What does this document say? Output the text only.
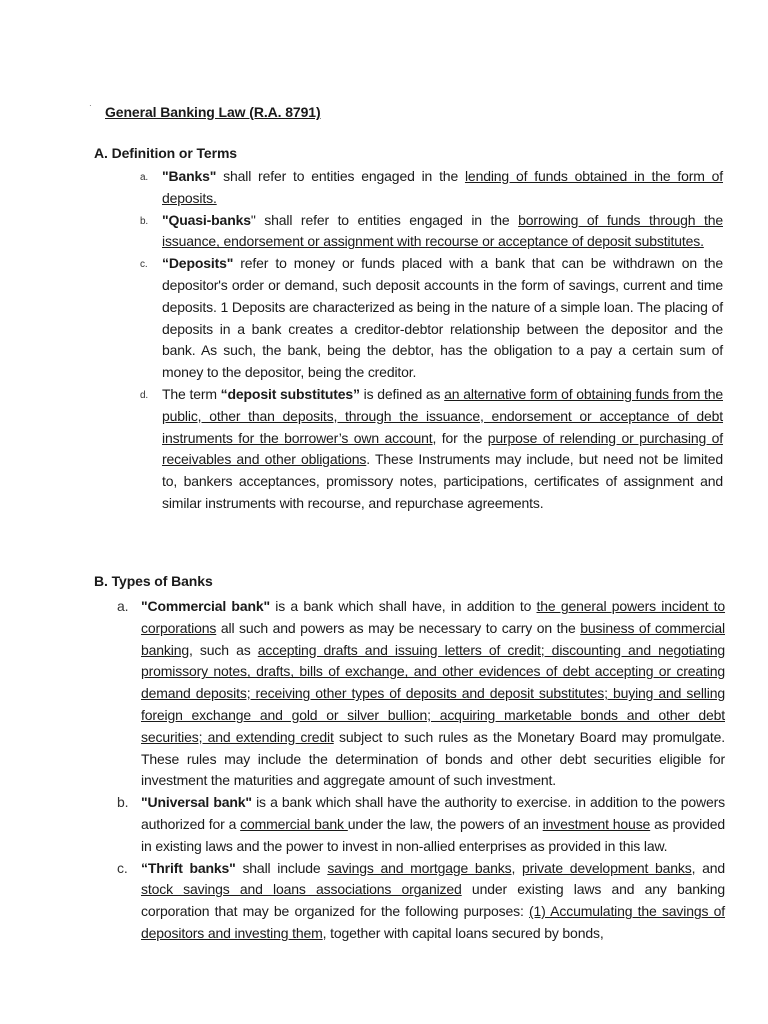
· General Banking Law (R.A. 8791)
A. Definition or Terms
a. "Banks" shall refer to entities engaged in the lending of funds obtained in the form of deposits.
b. "Quasi-banks" shall refer to entities engaged in the borrowing of funds through the issuance, endorsement or assignment with recourse or acceptance of deposit substitutes.
c. “Deposits" refer to money or funds placed with a bank that can be withdrawn on the depositor's order or demand, such deposit accounts in the form of savings, current and time deposits. 1 Deposits are characterized as being in the nature of a simple loan. The placing of deposits in a bank creates a creditor-debtor relationship between the depositor and the bank. As such, the bank, being the debtor, has the obligation to a pay a certain sum of money to the depositor, being the creditor.
d. The term “deposit substitutes” is defined as an alternative form of obtaining funds from the public, other than deposits, through the issuance, endorsement or acceptance of debt instruments for the borrower’s own account, for the purpose of relending or purchasing of receivables and other obligations. These Instruments may include, but need not be limited to, bankers acceptances, promissory notes, participations, certificates of assignment and similar instruments with recourse, and repurchase agreements.
B. Types of Banks
a. "Commercial bank" is a bank which shall have, in addition to the general powers incident to corporations all such and powers as may be necessary to carry on the business of commercial banking, such as accepting drafts and issuing letters of credit; discounting and negotiating promissory notes, drafts, bills of exchange, and other evidences of debt accepting or creating demand deposits; receiving other types of deposits and deposit substitutes; buying and selling foreign exchange and gold or silver bullion; acquiring marketable bonds and other debt securities; and extending credit subject to such rules as the Monetary Board may promulgate. These rules may include the determination of bonds and other debt securities eligible for investment the maturities and aggregate amount of such investment.
b. "Universal bank" is a bank which shall have the authority to exercise. in addition to the powers authorized for a commercial bank under the law, the powers of an investment house as provided in existing laws and the power to invest in non-allied enterprises as provided in this law.
c. “Thrift banks" shall include savings and mortgage banks, private development banks, and stock savings and loans associations organized under existing laws and any banking corporation that may be organized for the following purposes: (1) Accumulating the savings of depositors and investing them, together with capital loans secured by bonds,
